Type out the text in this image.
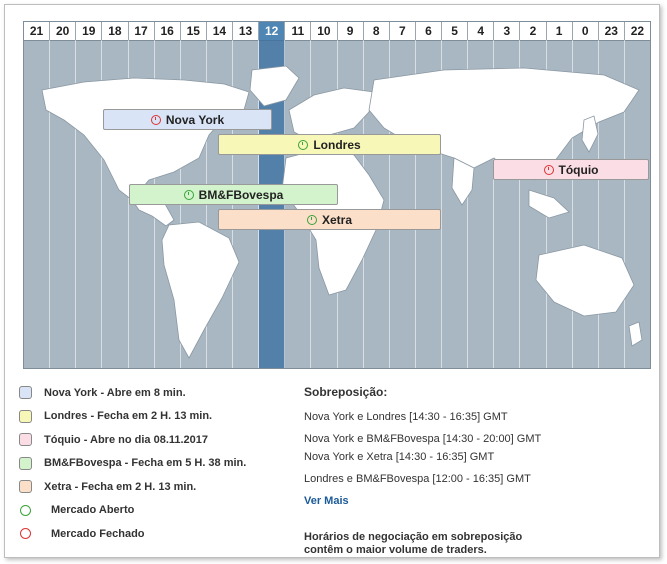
21	20	19	18	17	16	15	14	13	12	11	10	9	8	7	6	5	4	3	2	1	0	23	22
Nova York
Londres
Tóquio
BM&FBovespa
Xetra
Nova York - Abre em 8 min.
Londres - Fecha em 2 H. 13 min.
Tóquio - Abre no dia 08.11.2017
BM&FBovespa - Fecha em 5 H. 38 min.
Xetra - Fecha em 2 H. 13 min.
Mercado Aberto
Mercado Fechado
Sobreposição:
Nova York e Londres [14:30 - 16:35] GMT
Nova York e BM&FBovespa [14:30 - 20:00] GMT
Nova York e Xetra [14:30 - 16:35] GMT
Londres e BM&FBovespa [12:00 - 16:35] GMT
Ver Mais
Horários de negociação em sobreposição contêm o maior volume de traders.
